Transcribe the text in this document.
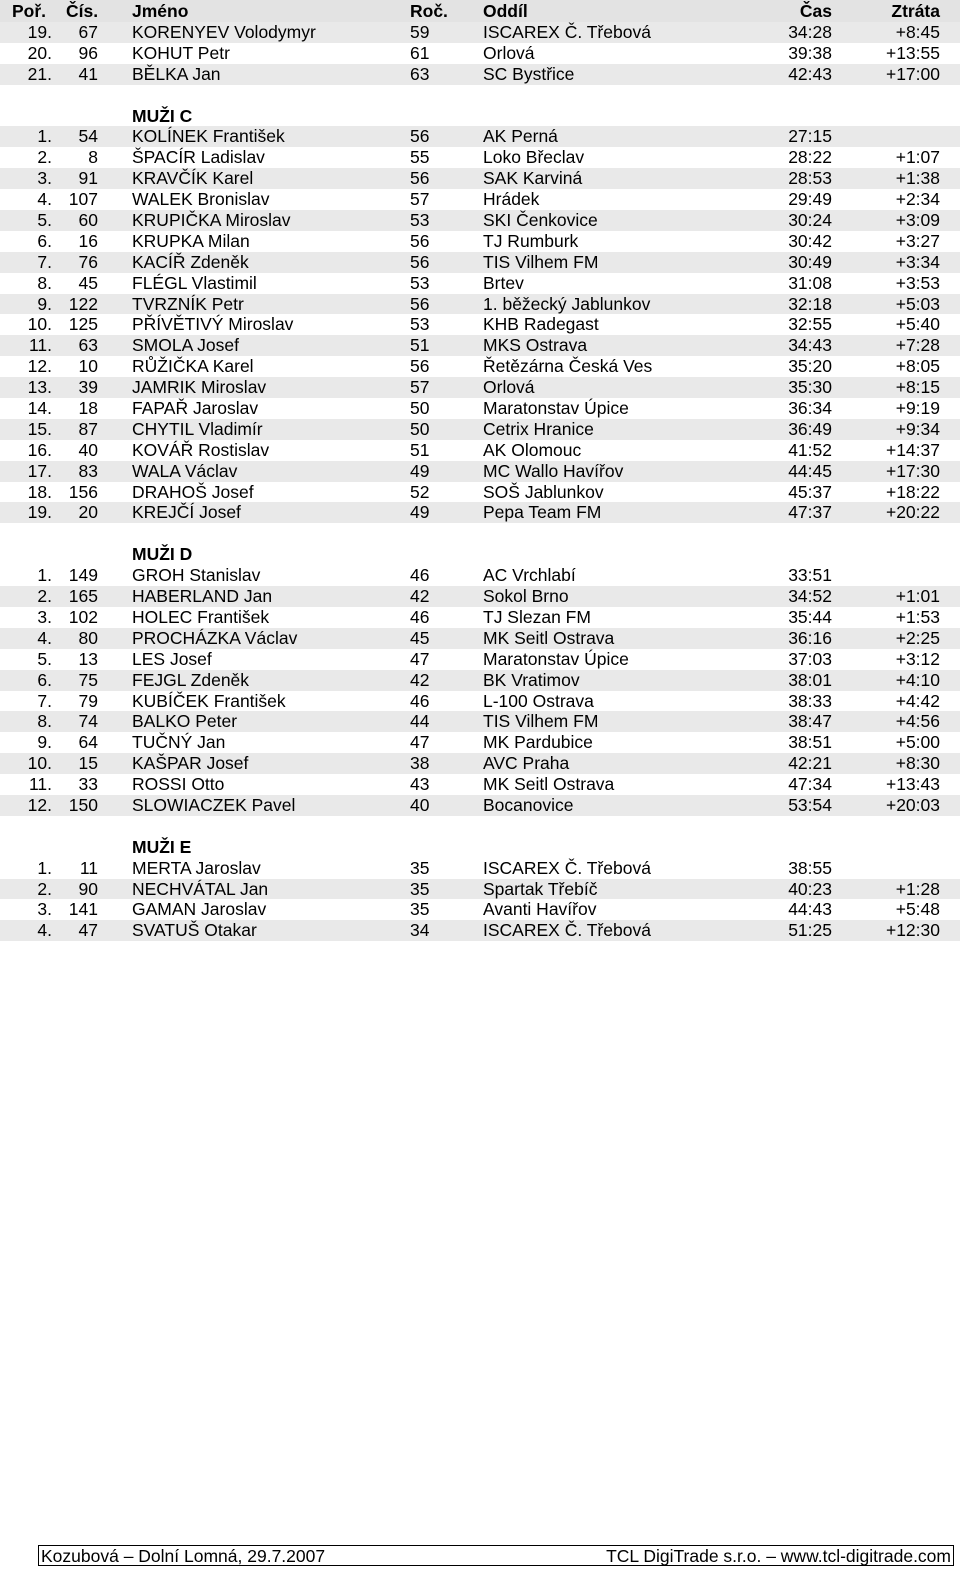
Poř. Čís. Jméno	Roč. Oddíl	Čas	Ztráta
19. 67 KORENYEV Volodymyr	59	ISCAREX Č. Třebová	34:28	+8:45
20. 96 KOHUT Petr	61	Orlová	39:38	+13:55
21. 41 BĚLKA Jan	63	SC Bystřice	42:43	+17:00
MUŽI C
1. 54 KOLÍNEK František	56	AK Perná	27:15
2. 8 ŠPACÍR Ladislav	55	Loko Břeclav	28:22	+1:07
3. 91 KRAVČÍK Karel	56	SAK Karviná	28:53	+1:38
4. 107 WALEK Bronislav	57	Hrádek	29:49	+2:34
5. 60 KRUPIČKA Miroslav	53	SKI Čenkovice	30:24	+3:09
6. 16 KRUPKA Milan	56	TJ Rumburk	30:42	+3:27
7. 76 KACÍŘ Zdeněk	56	TIS Vilhem FM	30:49	+3:34
8. 45 FLÉGL Vlastimil	53	Brtev	31:08	+3:53
9. 122 TVRZNÍK Petr	56	1. běžecký Jablunkov	32:18	+5:03
10. 125 PŘÍVĚTIVÝ Miroslav	53	KHB Radegast	32:55	+5:40
11. 63 SMOLA Josef	51	MKS Ostrava	34:43	+7:28
12. 10 RŮŽIČKA Karel	56	Řetězárna Česká Ves	35:20	+8:05
13. 39 JAMRIK Miroslav	57	Orlová	35:30	+8:15
14. 18 FAPAŘ Jaroslav	50	Maratonstav Úpice	36:34	+9:19
15. 87 CHYTIL Vladimír	50	Cetrix Hranice	36:49	+9:34
16. 40 KOVÁŘ Rostislav	51	AK Olomouc	41:52	+14:37
17. 83 WALA Václav	49	MC Wallo Havířov	44:45	+17:30
18. 156 DRAHOŠ Josef	52	SOŠ Jablunkov	45:37	+18:22
19. 20 KREJČÍ Josef	49	Pepa Team FM	47:37	+20:22
MUŽI D
1. 149 GROH Stanislav	46	AC Vrchlabí	33:51
2. 165 HABERLAND Jan	42	Sokol Brno	34:52	+1:01
3. 102 HOLEC František	46	TJ Slezan FM	35:44	+1:53
4. 80 PROCHÁZKA Václav	45	MK Seitl Ostrava	36:16	+2:25
5. 13 LES Josef	47	Maratonstav Úpice	37:03	+3:12
6. 75 FEJGL Zdeněk	42	BK Vratimov	38:01	+4:10
7. 79 KUBÍČEK František	46	L-100 Ostrava	38:33	+4:42
8. 74 BALKO Peter	44	TIS Vilhem FM	38:47	+4:56
9. 64 TUČNÝ Jan	47	MK Pardubice	38:51	+5:00
10. 15 KAŠPAR Josef	38	AVC Praha	42:21	+8:30
11. 33 ROSSI Otto	43	MK Seitl Ostrava	47:34	+13:43
12. 150 SLOWIACZEK Pavel	40	Bocanovice	53:54	+20:03
MUŽI E
1. 11 MERTA Jaroslav	35	ISCAREX Č. Třebová	38:55
2. 90 NECHVÁTAL Jan	35	Spartak Třebíč	40:23	+1:28
3. 141 GAMAN Jaroslav	35	Avanti Havířov	44:43	+5:48
4. 47 SVATUŠ Otakar	34	ISCAREX Č. Třebová	51:25	+12:30
Kozubová – Dolní Lomná, 29.7.2007	TCL DigiTrade s.r.o. – www.tcl-digitrade.com
